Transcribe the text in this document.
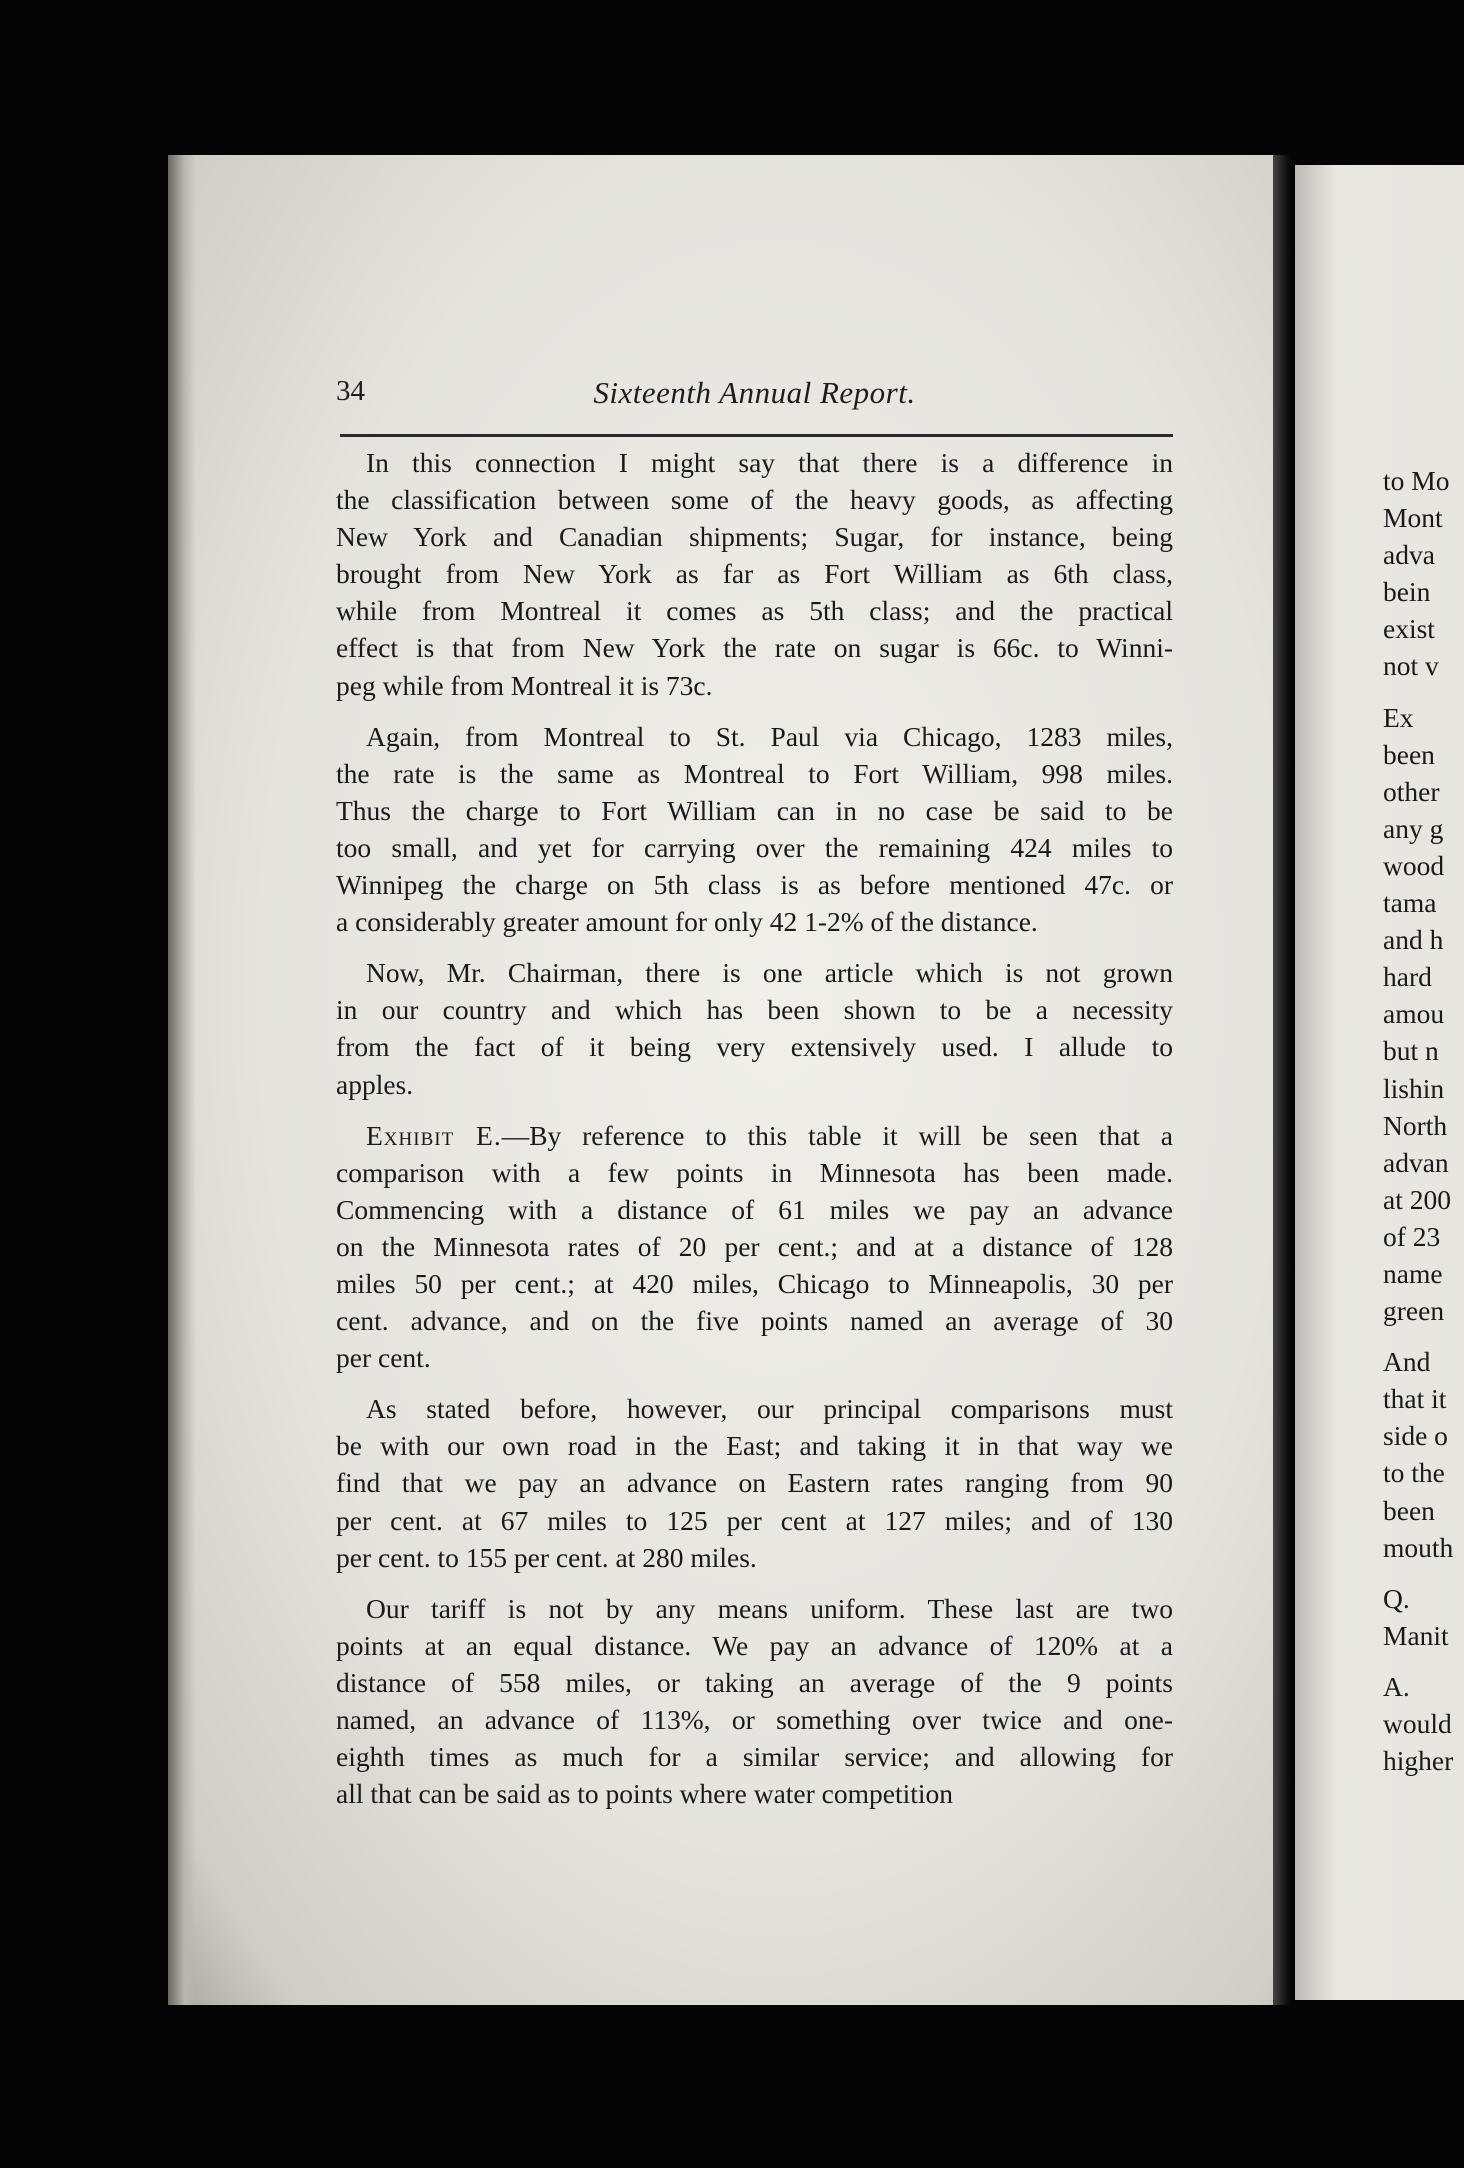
to Mo
Mont
adva
bein
exist
not v
Ex
been
other
any g
wood
tama
and h
hard
amou
but n
lishin
North
advan
at 200
of 23
name
green
And
that it
side o
to the
been
mouth
Q.
Manit
A.
would
higher
34	Sixteenth Annual Report.
In this connection I might say that there is a difference in
the classification between some of the heavy goods, as affecting
New York and Canadian shipments; Sugar, for instance, being
brought from New York as far as Fort William as 6th class,
while from Montreal it comes as 5th class; and the practical
effect is that from New York the rate on sugar is 66c. to Winni-
peg while from Montreal it is 73c.
Again, from Montreal to St. Paul via Chicago, 1283 miles,
the rate is the same as Montreal to Fort William, 998 miles.
Thus the charge to Fort William can in no case be said to be
too small, and yet for carrying over the remaining 424 miles to
Winnipeg the charge on 5th class is as before mentioned 47c. or
a considerably greater amount for only 42 1-2% of the distance.
Now, Mr. Chairman, there is one article which is not grown
in our country and which has been shown to be a necessity
from the fact of it being very extensively used. I allude to
apples.
Exhibit E.—By reference to this table it will be seen that a
comparison with a few points in Minnesota has been made.
Commencing with a distance of 61 miles we pay an advance
on the Minnesota rates of 20 per cent.; and at a distance of 128
miles 50 per cent.; at 420 miles, Chicago to Minneapolis, 30 per
cent. advance, and on the five points named an average of 30
per cent.
As stated before, however, our principal comparisons must
be with our own road in the East; and taking it in that way we
find that we pay an advance on Eastern rates ranging from 90
per cent. at 67 miles to 125 per cent at 127 miles; and of 130
per cent. to 155 per cent. at 280 miles.
Our tariff is not by any means uniform. These last are two
points at an equal distance. We pay an advance of 120% at a
distance of 558 miles, or taking an average of the 9 points
named, an advance of 113%, or something over twice and one-
eighth times as much for a similar service; and allowing for
all that can be said as to points where water competition
